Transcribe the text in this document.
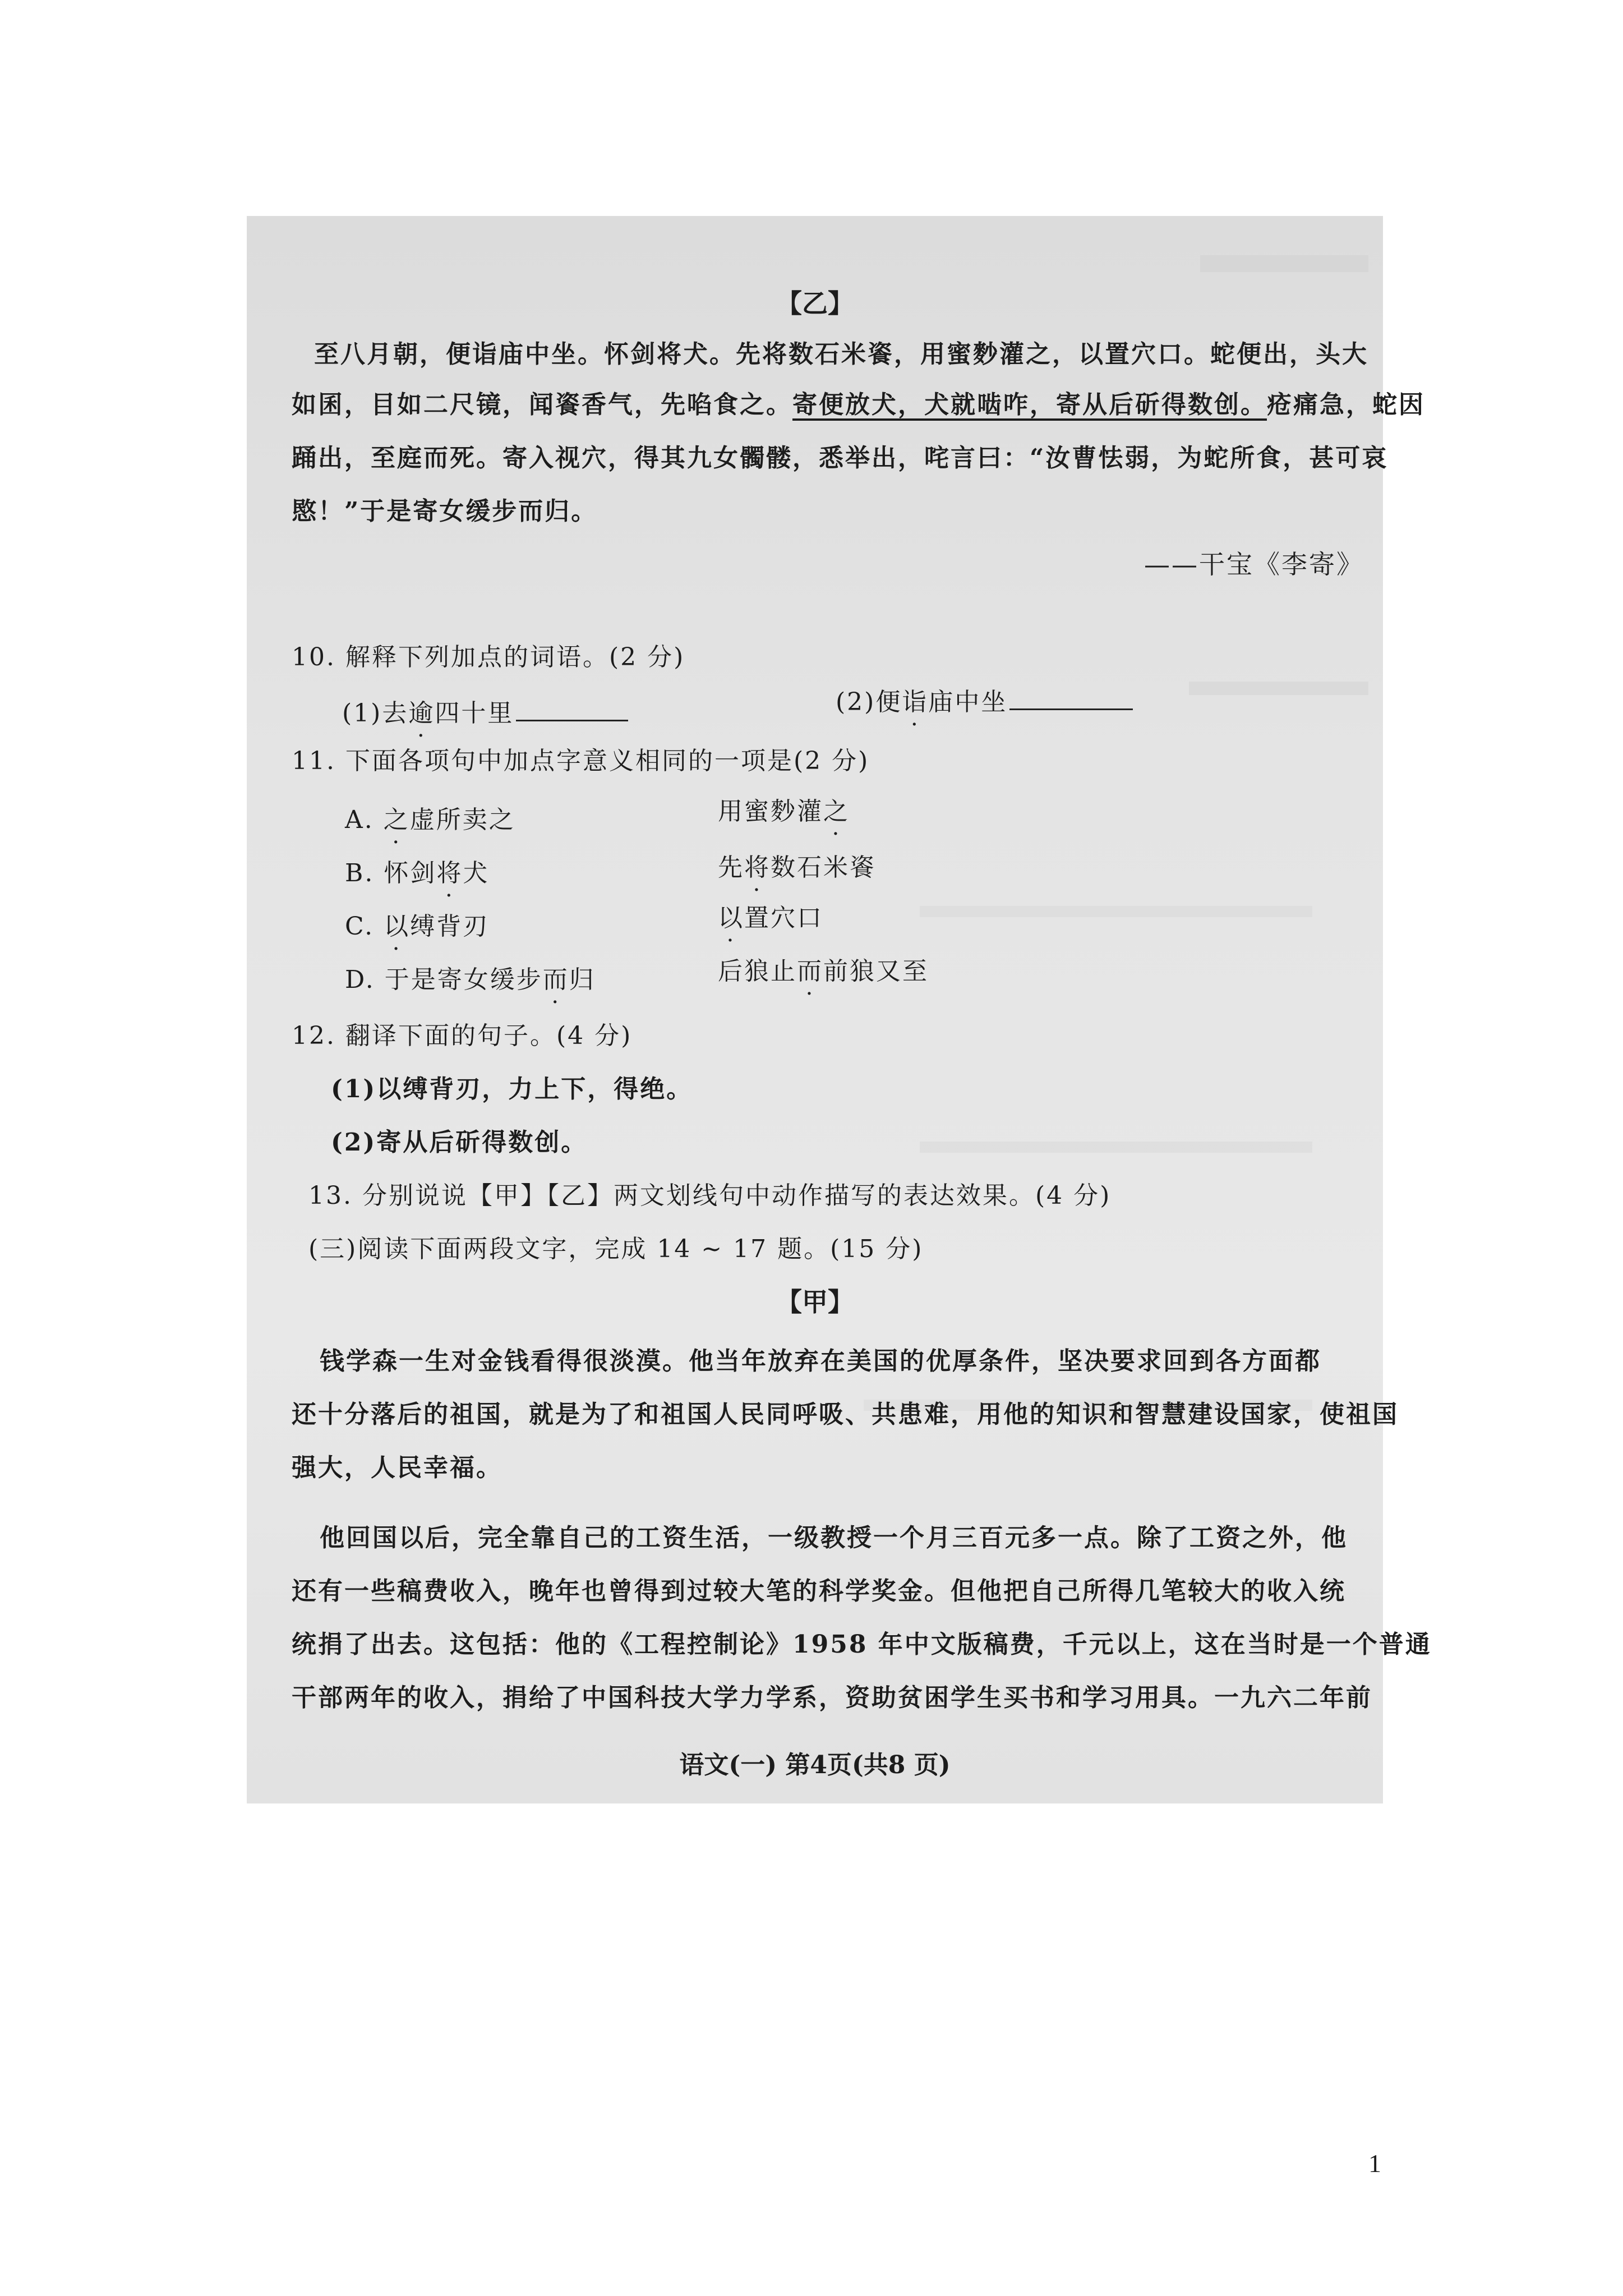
【乙】
至八月朝，便诣庙中坐。怀剑将犬。先将数石米餈，用蜜麨灌之，以置穴口。蛇便出，头大
如囷，目如二尺镜，闻餈香气，先啗食之。寄便放犬，犬就啮咋，寄从后斫得数创。疮痛急，蛇因
踊出，至庭而死。寄入视穴，得其九女髑髅，悉举出，咤言曰：“汝曹怯弱，为蛇所食，甚可哀
愍！”于是寄女缓步而归。
——干宝《李寄》
10. 解释下列加点的词语。(2 分)
(1)去逾四十里	(2)便诣庙中坐
11. 下面各项句中加点字意义相同的一项是(2 分)
A. 之虚所卖之	用蜜麨灌之
B. 怀剑将犬	先将数石米餈
C. 以缚背刃	以置穴口
D. 于是寄女缓步而归	后狼止而前狼又至
12. 翻译下面的句子。(4 分)
(1)以缚背刃，力上下，得绝。
(2)寄从后斫得数创。
13. 分别说说【甲】【乙】两文划线句中动作描写的表达效果。(4 分)
(三)阅读下面两段文字，完成 14 ~ 17 题。(15 分)
【甲】
钱学森一生对金钱看得很淡漠。他当年放弃在美国的优厚条件，坚决要求回到各方面都
还十分落后的祖国，就是为了和祖国人民同呼吸、共患难，用他的知识和智慧建设国家，使祖国
强大，人民幸福。
他回国以后，完全靠自己的工资生活，一级教授一个月三百元多一点。除了工资之外，他
还有一些稿费收入，晚年也曾得到过较大笔的科学奖金。但他把自己所得几笔较大的收入统
统捐了出去。这包括：他的《工程控制论》1958 年中文版稿费，千元以上，这在当时是一个普通
干部两年的收入，捐给了中国科技大学力学系，资助贫困学生买书和学习用具。一九六二年前
语文(一) 第4页(共8 页)
1
